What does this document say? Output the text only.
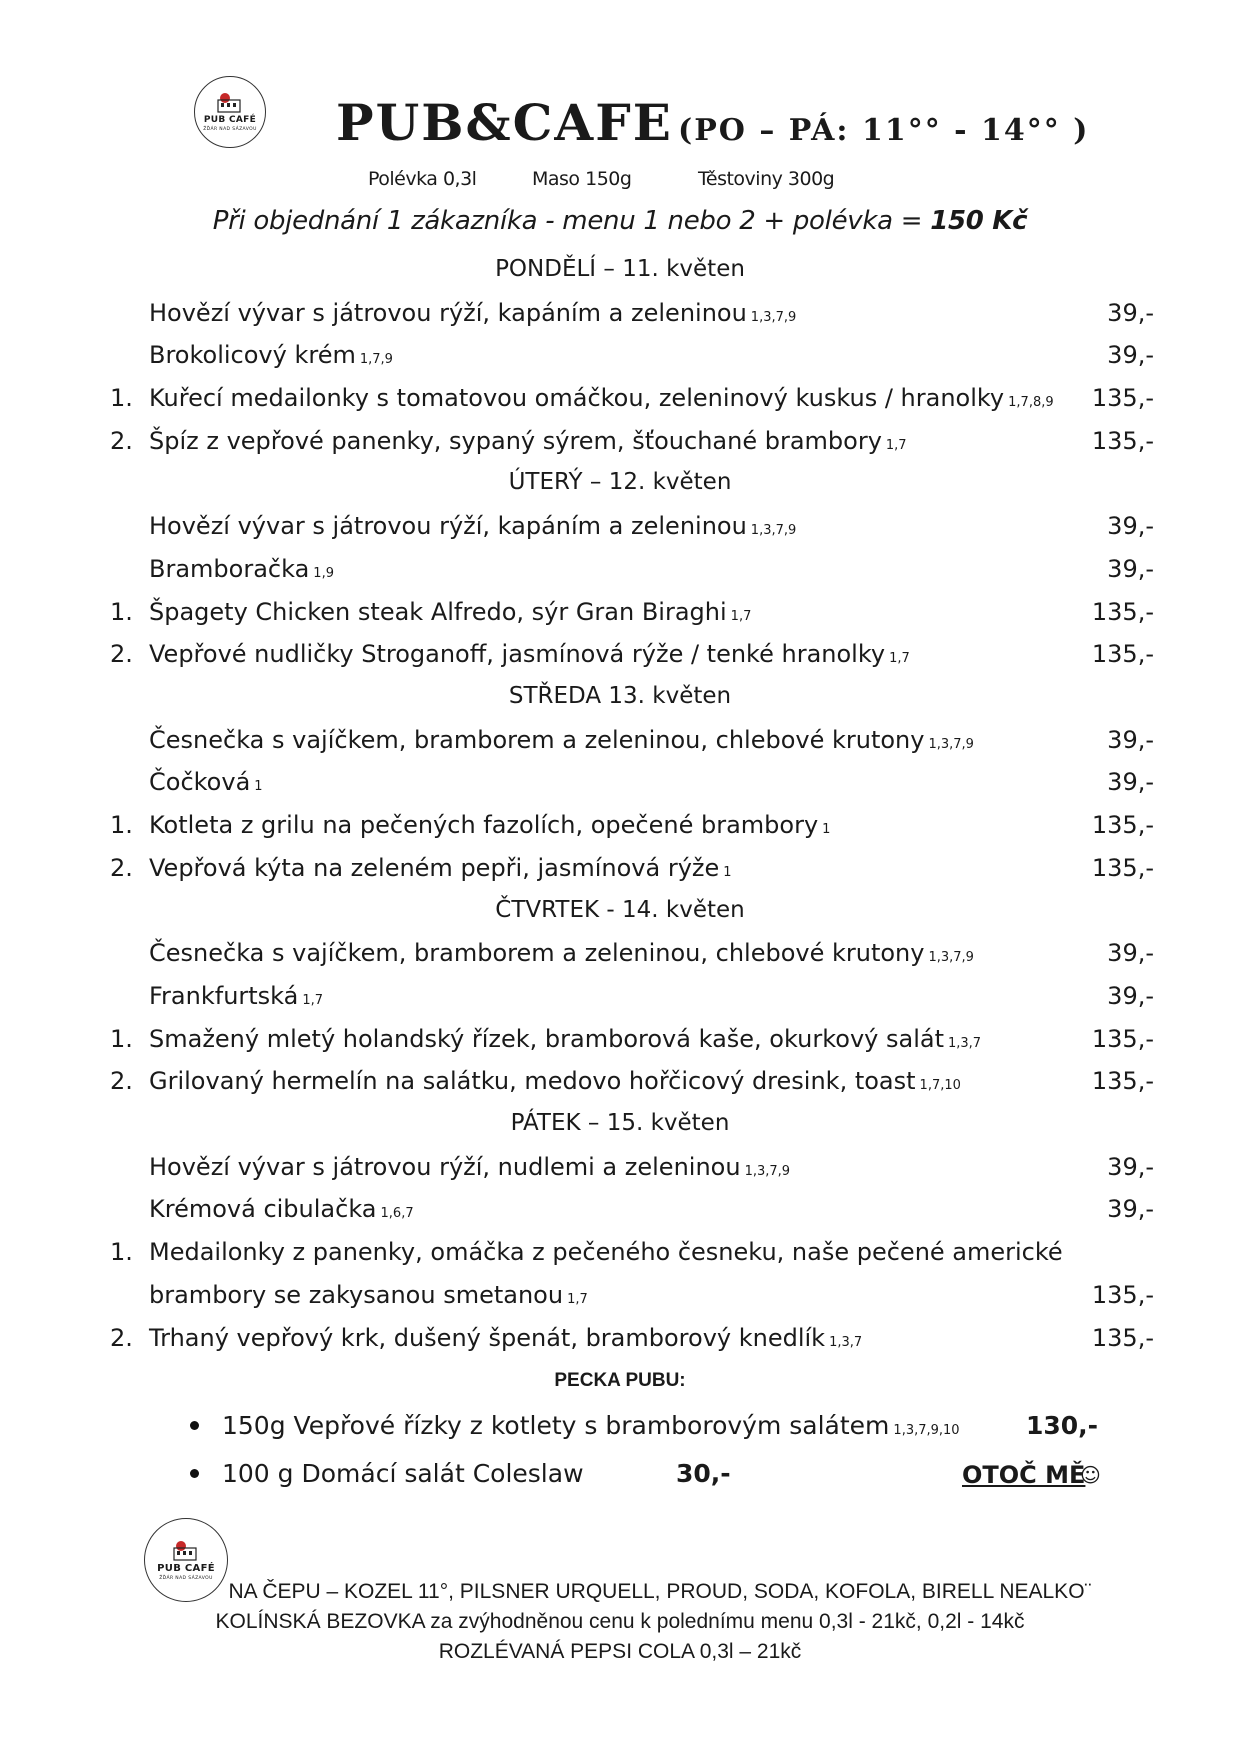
PUB CAFÉ
ŽĎÁR NAD SÁZAVOU PUB&CAFE (PO – PÁ: 11°° - 14°° )
Polévka 0,3l	Maso 150g	Těstoviny 300g
Při objednání 1 zákazníka - menu 1 nebo 2 + polévka = 150 Kč
PONDĚLÍ – 11. květen
Hovězí vývar s játrovou rýží, kapáním a zeleninou 1,3,7,9	39,-
Brokolicový krém 1,7,9	39,-
1. Kuřecí medailonky s tomatovou omáčkou, zeleninový kuskus / hranolky 1,7,8,9 135,-
2. Špíz z vepřové panenky, sypaný sýrem, šťouchané brambory 1,7	135,-
ÚTERÝ – 12. květen
Hovězí vývar s játrovou rýží, kapáním a zeleninou 1,3,7,9	39,-
Bramboračka 1,9	39,-
1. Špagety Chicken steak Alfredo, sýr Gran Biraghi 1,7	135,-
2. Vepřové nudličky Stroganoff, jasmínová rýže / tenké hranolky 1,7	135,-
STŘEDA 13. květen
Česnečka s vajíčkem, bramborem a zeleninou, chlebové krutony 1,3,7,9	39,-
Čočková 1	39,-
1. Kotleta z grilu na pečených fazolích, opečené brambory 1	135,-
2. Vepřová kýta na zeleném pepři, jasmínová rýže 1	135,-
ČTVRTEK - 14. květen
Česnečka s vajíčkem, bramborem a zeleninou, chlebové krutony 1,3,7,9	39,-
Frankfurtská 1,7	39,-
1. Smažený mletý holandský řízek, bramborová kaše, okurkový salát 1,3,7	135,-
2. Grilovaný hermelín na salátku, medovo hořčicový dresink, toast 1,7,10	135,-
PÁTEK – 15. květen
Hovězí vývar s játrovou rýží, nudlemi a zeleninou 1,3,7,9	39,-
Krémová cibulačka 1,6,7	39,-
1. Medailonky z panenky, omáčka z pečeného česneku, naše pečené americké
brambory se zakysanou smetanou 1,7	135,-
2. Trhaný vepřový krk, dušený špenát, bramborový knedlík 1,3,7	135,-
PECKA PUBU:
150g Vepřové řízky z kotlety s bramborovým salátem 1,3,7,9,10	130,-
100 g Domácí salát Coleslaw	30,-	OTOČ MĚ
☺
PUB CAFÉ
ŽĎÁR NAD SÁZAVOU
NA ČEPU – KOZEL 11°, PILSNER URQUELL, PROUD, SODA, KOFOLA, BIRELL NEALKO¨
KOLÍNSKÁ BEZOVKA za zvýhodněnou cenu k polednímu menu 0,3l - 21kč, 0,2l - 14kč
ROZLÉVANÁ PEPSI COLA 0,3l – 21kč
